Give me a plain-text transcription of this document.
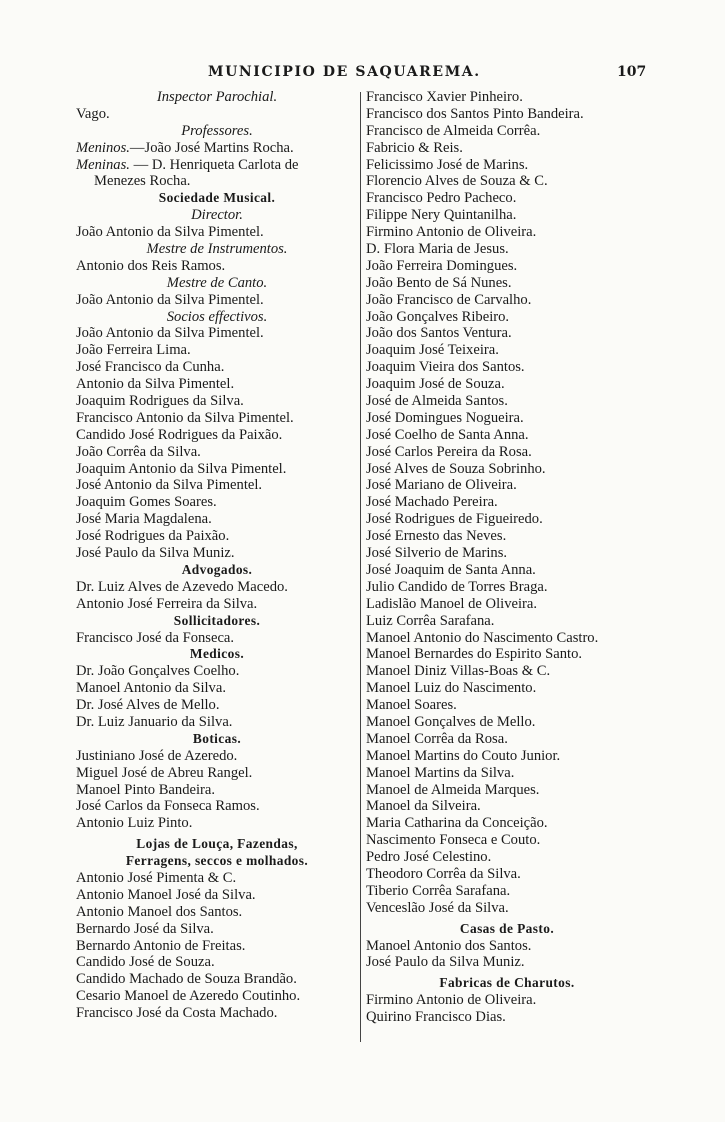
MUNICIPIO DE SAQUAREMA.	107
Inspector Parochial.
Vago.
Professores.
Meninos.—João José Martins Rocha.
Meninas. — D. Henriqueta Carlota de
Menezes Rocha.
Sociedade Musical.
Director.
João Antonio da Silva Pimentel.
Mestre de Instrumentos.
Antonio dos Reis Ramos.
Mestre de Canto.
João Antonio da Silva Pimentel.
Socios effectivos.
João Antonio da Silva Pimentel.
João Ferreira Lima.
José Francisco da Cunha.
Antonio da Silva Pimentel.
Joaquim Rodrigues da Silva.
Francisco Antonio da Silva Pimentel.
Candido José Rodrigues da Paixão.
João Corrêa da Silva.
Joaquim Antonio da Silva Pimentel.
José Antonio da Silva Pimentel.
Joaquim Gomes Soares.
José Maria Magdalena.
José Rodrigues da Paixão.
José Paulo da Silva Muniz.
Advogados.
Dr. Luiz Alves de Azevedo Macedo.
Antonio José Ferreira da Silva.
Sollicitadores.
Francisco José da Fonseca.
Medicos.
Dr. João Gonçalves Coelho.
Manoel Antonio da Silva.
Dr. José Alves de Mello.
Dr. Luiz Januario da Silva.
Boticas.
Justiniano José de Azeredo.
Miguel José de Abreu Rangel.
Manoel Pinto Bandeira.
José Carlos da Fonseca Ramos.
Antonio Luiz Pinto.
Lojas de Louça, Fazendas,
Ferragens, seccos e molhados.
Antonio José Pimenta & C.
Antonio Manoel José da Silva.
Antonio Manoel dos Santos.
Bernardo José da Silva.
Bernardo Antonio de Freitas.
Candido José de Souza.
Candido Machado de Souza Brandão.
Cesario Manoel de Azeredo Coutinho.
Francisco José da Costa Machado.
Francisco Xavier Pinheiro.
Francisco dos Santos Pinto Bandeira.
Francisco de Almeida Corrêa.
Fabricio & Reis.
Felicissimo José de Marins.
Florencio Alves de Souza & C.
Francisco Pedro Pacheco.
Filippe Nery Quintanilha.
Firmino Antonio de Oliveira.
D. Flora Maria de Jesus.
João Ferreira Domingues.
João Bento de Sá Nunes.
João Francisco de Carvalho.
João Gonçalves Ribeiro.
João dos Santos Ventura.
Joaquim José Teixeira.
Joaquim Vieira dos Santos.
Joaquim José de Souza.
José de Almeida Santos.
José Domingues Nogueira.
José Coelho de Santa Anna.
José Carlos Pereira da Rosa.
José Alves de Souza Sobrinho.
José Mariano de Oliveira.
José Machado Pereira.
José Rodrigues de Figueiredo.
José Ernesto das Neves.
José Silverio de Marins.
José Joaquim de Santa Anna.
Julio Candido de Torres Braga.
Ladislão Manoel de Oliveira.
Luiz Corrêa Sarafana.
Manoel Antonio do Nascimento Castro.
Manoel Bernardes do Espirito Santo.
Manoel Diniz Villas-Boas & C.
Manoel Luiz do Nascimento.
Manoel Soares.
Manoel Gonçalves de Mello.
Manoel Corrêa da Rosa.
Manoel Martins do Couto Junior.
Manoel Martins da Silva.
Manoel de Almeida Marques.
Manoel da Silveira.
Maria Catharina da Conceição.
Nascimento Fonseca e Couto.
Pedro José Celestino.
Theodoro Corrêa da Silva.
Tiberio Corrêa Sarafana.
Venceslão José da Silva.
Casas de Pasto.
Manoel Antonio dos Santos.
José Paulo da Silva Muniz.
Fabricas de Charutos.
Firmino Antonio de Oliveira.
Quirino Francisco Dias.
